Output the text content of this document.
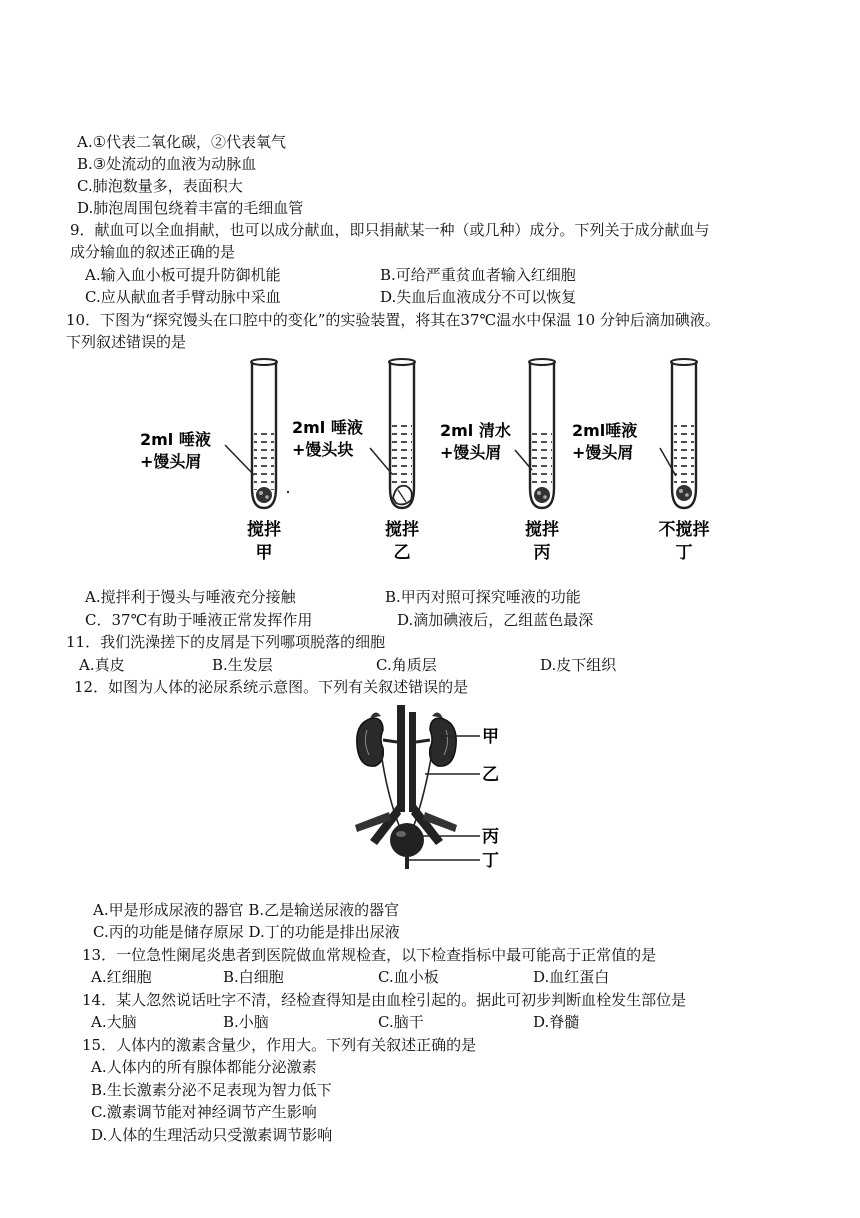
A.①代表二氧化碳，②代表氧气
B.③处流动的血液为动脉血
C.肺泡数量多，表面积大
D.肺泡周围包绕着丰富的毛细血管
9．献血可以全血捐献，也可以成分献血，即只捐献某一种（或几种）成分。下列关于成分献血与
成分输血的叙述正确的是
A.输入血小板可提升防御机能	B.可给严重贫血者输入红细胞
C.应从献血者手臂动脉中采血	D.失血后血液成分不可以恢复
10．下图为“探究馒头在口腔中的变化”的实验装置，将其在37℃温水中保温 10 分钟后滴加碘液。
下列叙述错误的是
2ml 唾液
+馒头屑
搅拌
甲
2ml 唾液
+馒头块
搅拌
乙
2ml 清水
+馒头屑
搅拌
丙
2ml唾液
+馒头屑
不搅拌
丁
A.搅拌利于馒头与唾液充分接触	B.甲丙对照可探究唾液的功能
C．37℃有助于唾液正常发挥作用	D.滴加碘液后，乙组蓝色最深
11．我们洗澡搓下的皮屑是下列哪项脱落的细胞
A.真皮	B.生发层	C.角质层	D.皮下组织
12．如图为人体的泌尿系统示意图。下列有关叙述错误的是
甲
乙
丙
丁
A.甲是形成尿液的器官 B.乙是输送尿液的器官
C.丙的功能是储存原尿 D.丁的功能是排出尿液
13．一位急性阑尾炎患者到医院做血常规检查，以下检查指标中最可能高于正常值的是
A.红细胞	B.白细胞	C.血小板	D.血红蛋白
14．某人忽然说话吐字不清，经检查得知是由血栓引起的。据此可初步判断血栓发生部位是
A.大脑	B.小脑	C.脑干	D.脊髓
15．人体内的激素含量少，作用大。下列有关叙述正确的是
A.人体内的所有腺体都能分泌激素
B.生长激素分泌不足表现为智力低下
C.激素调节能对神经调节产生影响
D.人体的生理活动只受激素调节影响
